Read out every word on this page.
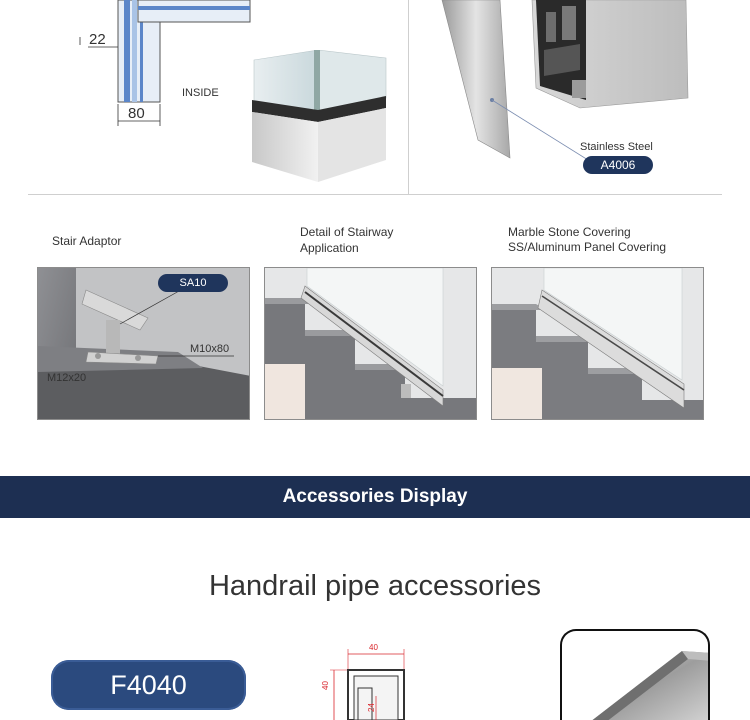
22
80
INSIDE
Stainless Steel
A4006
Stair Adaptor
Detail of Stairway
Application
Marble Stone Covering
SS/Aluminum Panel Covering
SA10
M10x80
M12x20
Accessories Display
Handrail pipe accessories
F4040
40
40
24
